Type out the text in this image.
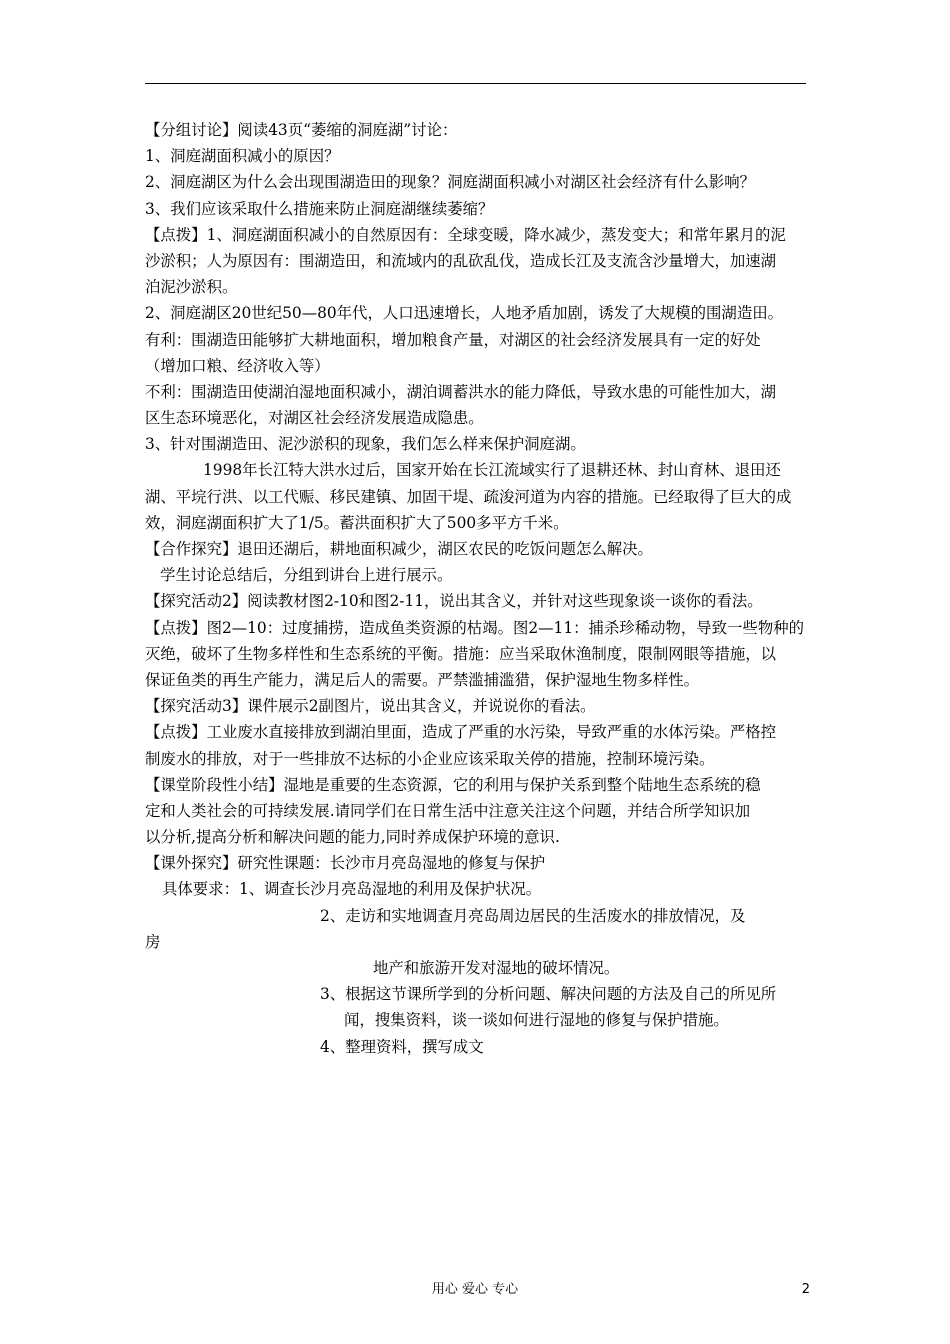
【分组讨论】阅读43页“萎缩的洞庭湖”讨论：
1、洞庭湖面积减小的原因？
2、洞庭湖区为什么会出现围湖造田的现象？洞庭湖面积减小对湖区社会经济有什么影响？
3、我们应该采取什么措施来防止洞庭湖继续萎缩？
【点拨】1、洞庭湖面积减小的自然原因有：全球变暖，降水减少，蒸发变大；和常年累月的泥
沙淤积；人为原因有：围湖造田，和流域内的乱砍乱伐，造成长江及支流含沙量增大，加速湖
泊泥沙淤积。
2、洞庭湖区20世纪50—80年代，人口迅速增长，人地矛盾加剧，诱发了大规模的围湖造田。
有利：围湖造田能够扩大耕地面积，增加粮食产量，对湖区的社会经济发展具有一定的好处
（增加口粮、经济收入等）
不利：围湖造田使湖泊湿地面积减小，湖泊调蓄洪水的能力降低，导致水患的可能性加大，湖
区生态环境恶化，对湖区社会经济发展造成隐患。
3、针对围湖造田、泥沙淤积的现象，我们怎么样来保护洞庭湖。
1998年长江特大洪水过后，国家开始在长江流域实行了退耕还林、封山育林、退田还
湖、平垸行洪、以工代赈、移民建镇、加固干堤、疏浚河道为内容的措施。已经取得了巨大的成
效，洞庭湖面积扩大了1/5。蓄洪面积扩大了500多平方千米。
【合作探究】退田还湖后，耕地面积减少，湖区农民的吃饭问题怎么解决。
学生讨论总结后，分组到讲台上进行展示。
【探究活动2】阅读教材图2-10和图2-11，说出其含义，并针对这些现象谈一谈你的看法。
【点拨】图2—10：过度捕捞，造成鱼类资源的枯竭。图2—11：捕杀珍稀动物，导致一些物种的
灭绝，破坏了生物多样性和生态系统的平衡。措施：应当采取休渔制度，限制网眼等措施，以
保证鱼类的再生产能力，满足后人的需要。严禁滥捕滥猎，保护湿地生物多样性。
【探究活动3】课件展示2副图片，说出其含义，并说说你的看法。
【点拨】工业废水直接排放到湖泊里面，造成了严重的水污染，导致严重的水体污染。严格控
制废水的排放，对于一些排放不达标的小企业应该采取关停的措施，控制环境污染。
【课堂阶段性小结】湿地是重要的生态资源，它的利用与保护关系到整个陆地生态系统的稳
定和人类社会的可持续发展.请同学们在日常生活中注意关注这个问题，并结合所学知识加
以分析,提高分析和解决问题的能力,同时养成保护环境的意识.
【课外探究】研究性课题：长沙市月亮岛湿地的修复与保护
具体要求：1、调查长沙月亮岛湿地的利用及保护状况。
2、走访和实地调查月亮岛周边居民的生活废水的排放情况，及
房
地产和旅游开发对湿地的破坏情况。
3、根据这节课所学到的分析问题、解决问题的方法及自己的所见所
闻，搜集资料，谈一谈如何进行湿地的修复与保护措施。
4、整理资料，撰写成文
用心 爱心 专心	2
